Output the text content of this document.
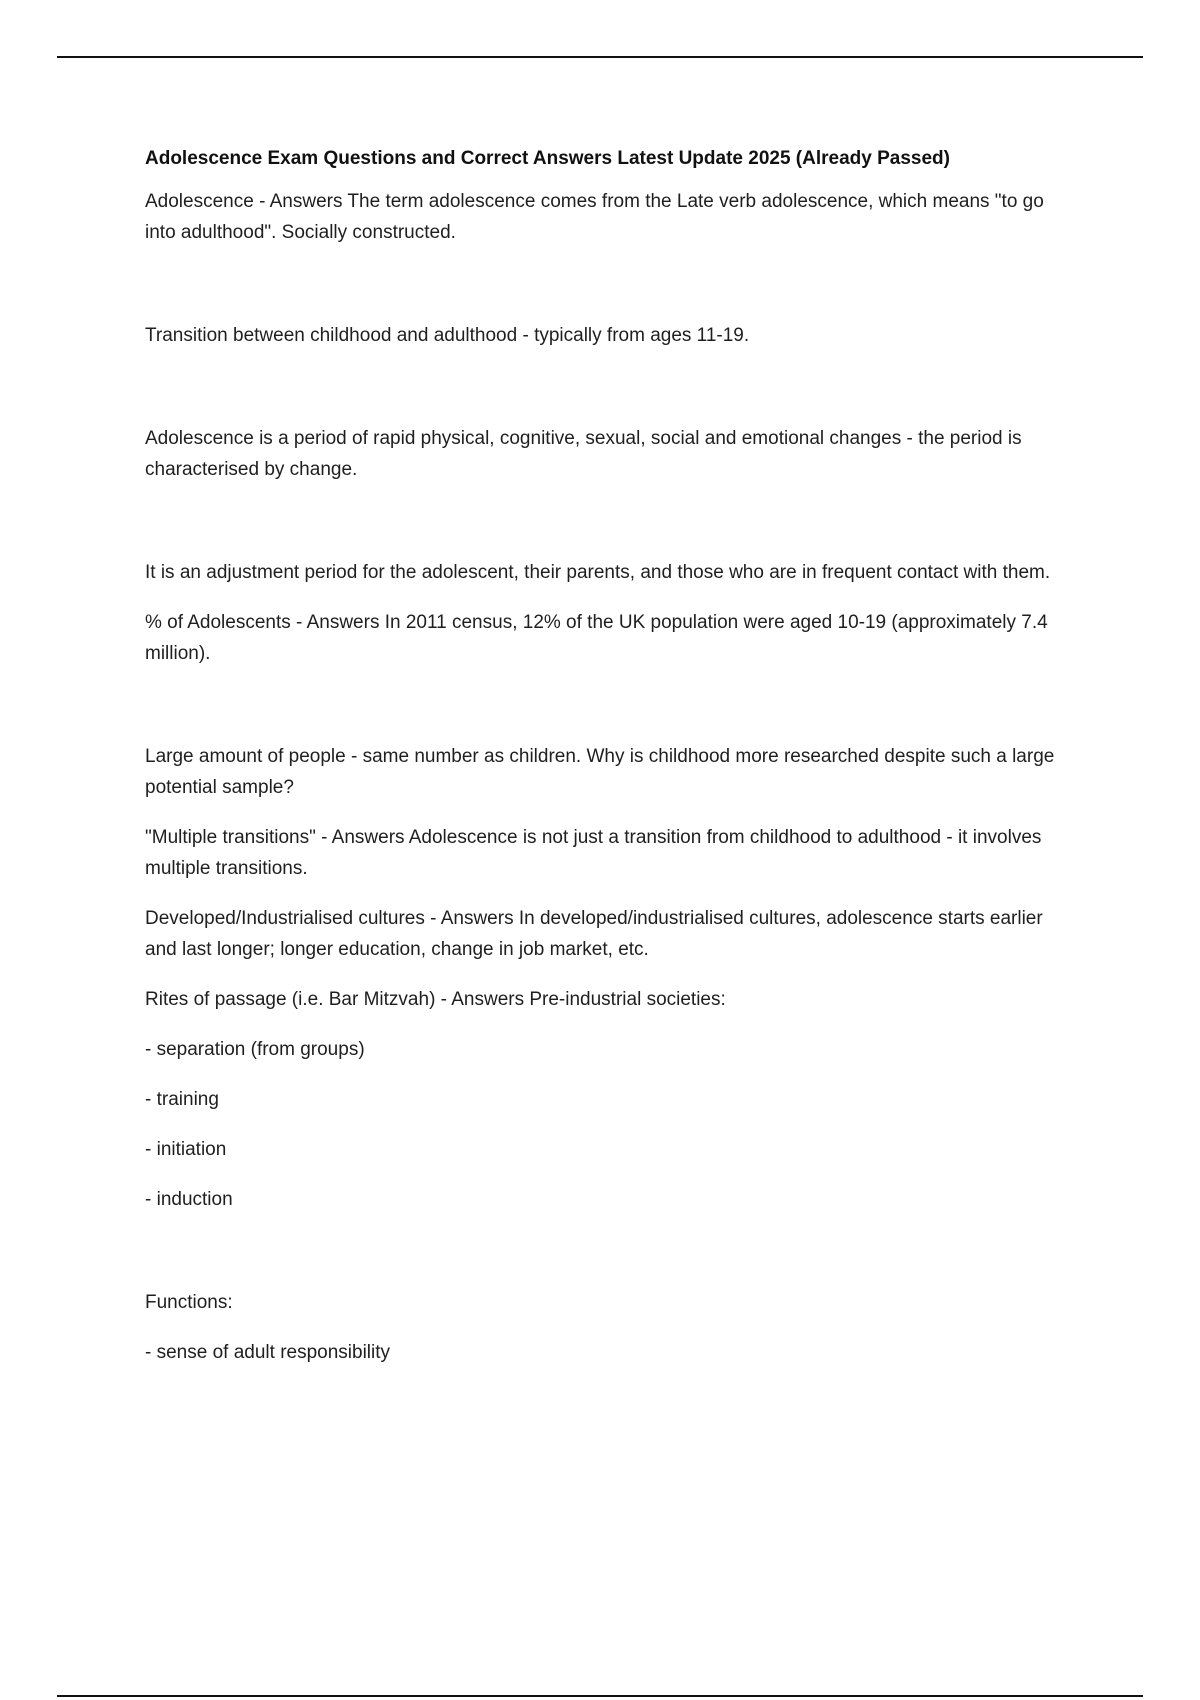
Adolescence Exam Questions and Correct Answers Latest Update 2025 (Already Passed)

Adolescence - Answers The term adolescence comes from the Late verb adolescence, which means "to go into adulthood". Socially constructed.

Transition between childhood and adulthood - typically from ages 11-19.

Adolescence is a period of rapid physical, cognitive, sexual, social and emotional changes - the period is characterised by change.

It is an adjustment period for the adolescent, their parents, and those who are in frequent contact with them.

% of Adolescents - Answers In 2011 census, 12% of the UK population were aged 10-19 (approximately 7.4 million).

Large amount of people - same number as children. Why is childhood more researched despite such a large potential sample?

"Multiple transitions" - Answers Adolescence is not just a transition from childhood to adulthood - it involves multiple transitions.

Developed/Industrialised cultures - Answers In developed/industrialised cultures, adolescence starts earlier and last longer; longer education, change in job market, etc.

Rites of passage (i.e. Bar Mitzvah) - Answers Pre-industrial societies:

- separation (from groups)

- training

- initiation

- induction

Functions:

- sense of adult responsibility
